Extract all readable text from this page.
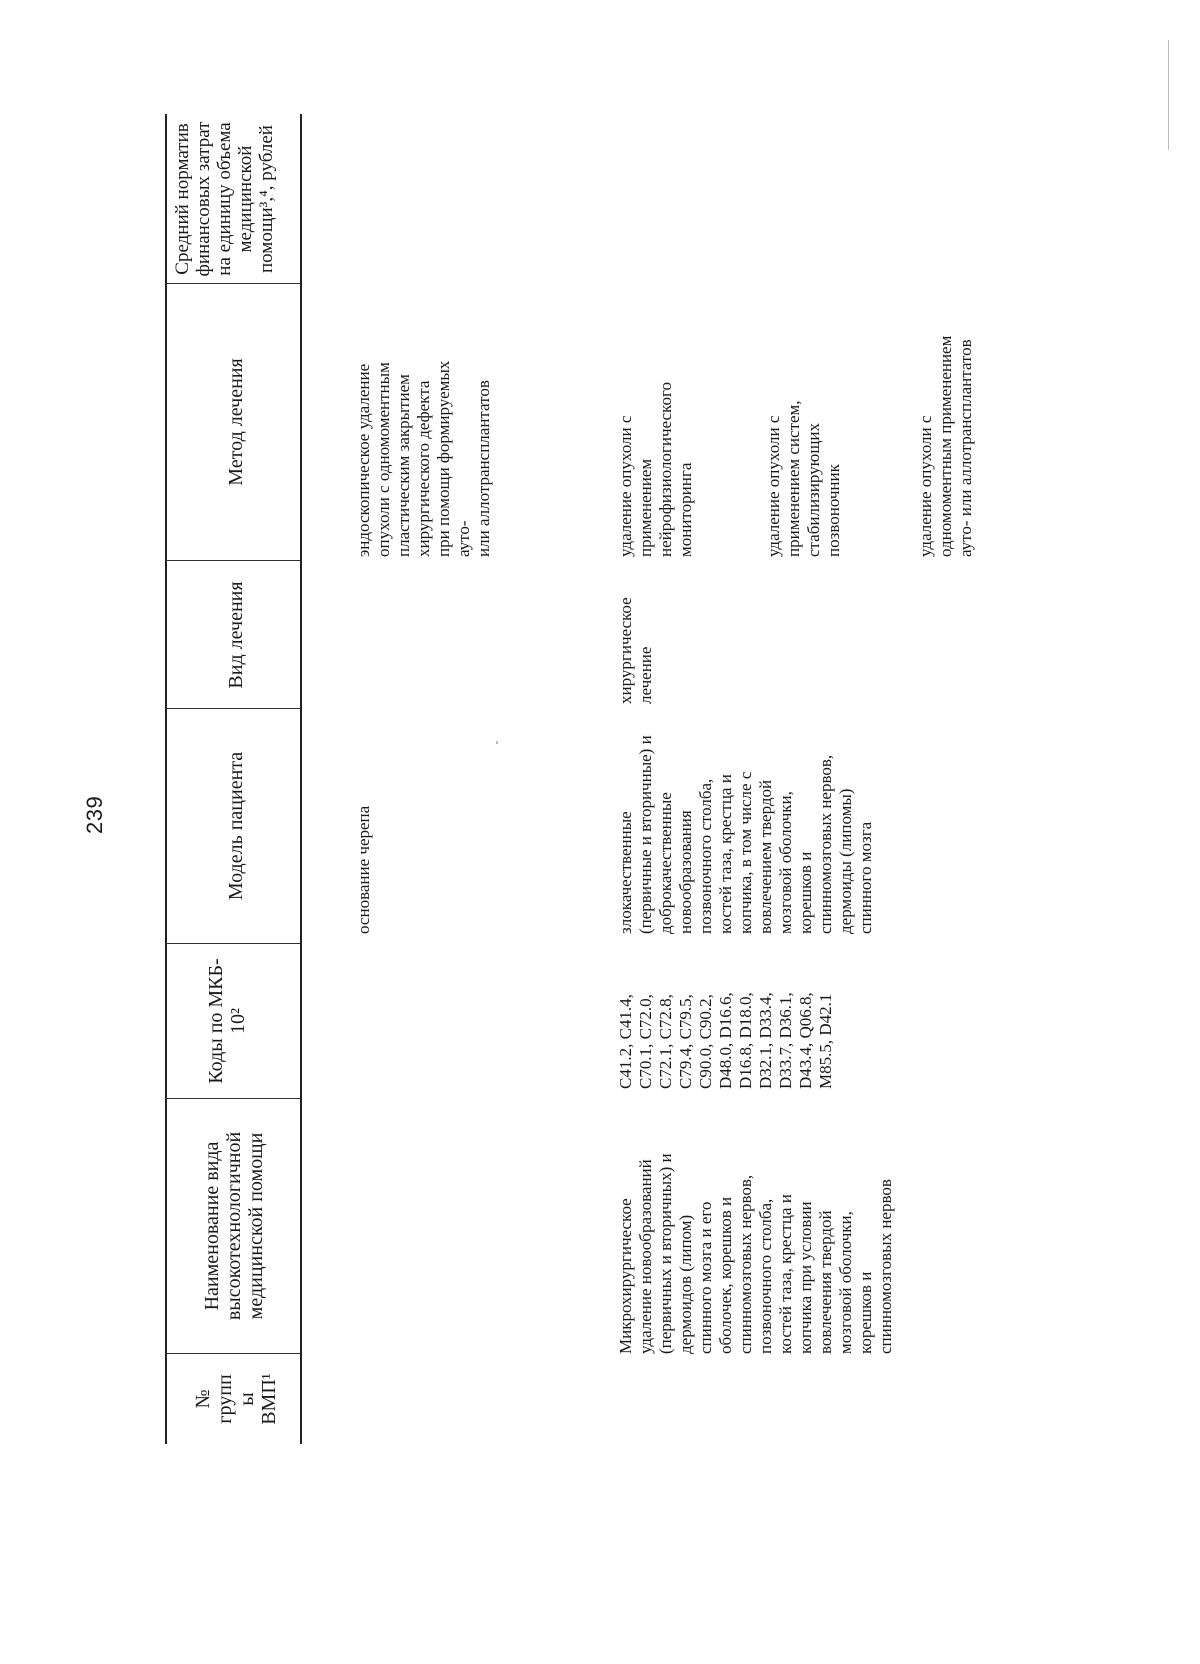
239
№
групп
ы
ВМП¹
Наименование вида
высокотехнологичной
медицинской помощи
Коды по МКБ-
10²
Модель пациента
Вид лечения
Метод лечения
Средний норматив
финансовых затрат
на единицу объема
медицинской
помощи³,⁴, рублей
основание черепа
эндоскопическое удаление
опухоли с одномоментным
пластическим закрытием
хирургического дефекта
при помощи формируемых
ауто-
или аллотрансплантатов
Микрохирургическое
удаление новообразований
(первичных и вторичных) и
дермоидов (липом)
спинного мозга и его
оболочек, корешков и
спинномозговых нервов,
позвоночного столба,
костей таза, крестца и
копчика при условии
вовлечения твердой
мозговой оболочки,
корешков и
спинномозговых нервов
C41.2, C41.4,
C70.1, C72.0,
C72.1, C72.8,
C79.4, C79.5,
C90.0, C90.2,
D48.0, D16.6,
D16.8, D18.0,
D32.1, D33.4,
D33.7, D36.1,
D43.4, Q06.8,
M85.5, D42.1
злокачественные
(первичные и вторичные) и
доброкачественные
новообразования
позвоночного столба,
костей таза, крестца и
копчика, в том числе с
вовлечением твердой
мозговой оболочки,
корешков и
спинномозговых нервов,
дермоиды (липомы)
спинного мозга
хирургическое
лечение
удаление опухоли с
применением
нейрофизиологического
мониторинга	удаление опухоли с
применением систем,
стабилизирующих
позвоночник	удаление опухоли с
одномоментным применением
ауто- или аллотрансплантатов
